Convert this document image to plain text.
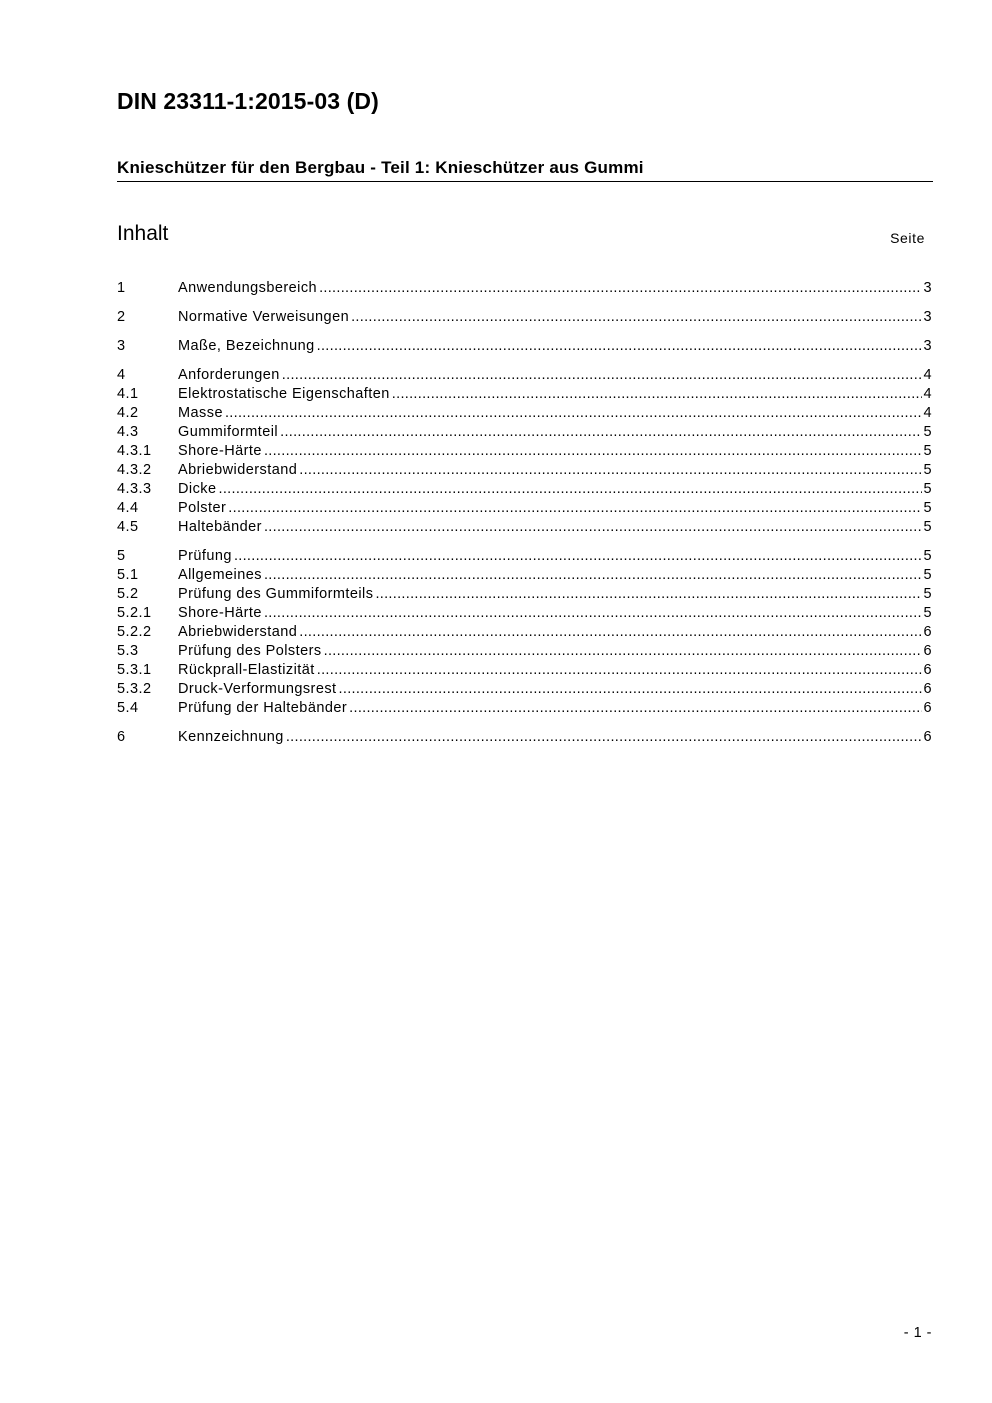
DIN 23311-1:2015-03 (D)
Knieschützer für den Bergbau - Teil 1: Knieschützer aus Gummi
Inhalt	Seite
1	Anwendungsbereich .....	3
2	Normative Verweisungen .....	3
3	Maße, Bezeichnung .....	3
4	Anforderungen .....	4
4.1	Elektrostatische Eigenschaften .....	4
4.2	Masse .....	4
4.3	Gummiformteil .....	5
4.3.1 Shore-Härte .....	5
4.3.2 Abriebwiderstand .....	5
4.3.3 Dicke .....	5
4.4	Polster .....	5
4.5	Haltebänder .....	5
5	Prüfung .....	5
5.1	Allgemeines .....	5
5.2	Prüfung des Gummiformteils .....	5
5.2.1 Shore-Härte .....	5
5.2.2 Abriebwiderstand .....	6
5.3	Prüfung des Polsters .....	6
5.3.1 Rückprall-Elastizität .....	6
5.3.2 Druck-Verformungsrest .....	6
5.4	Prüfung der Haltebänder .....	6
6	Kennzeichnung .....	6
- 1 -
